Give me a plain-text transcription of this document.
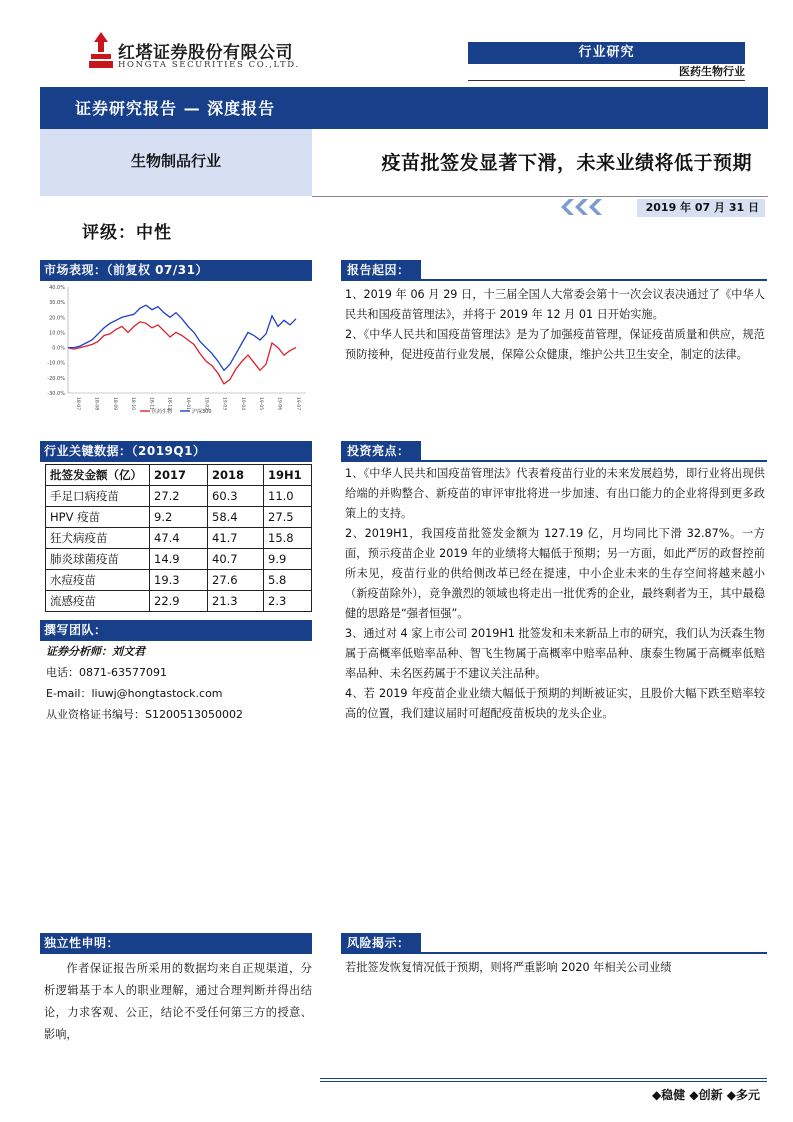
红塔证券股份有限公司
HONGTA SECURITIES CO.,LTD.
行业研究
医药生物行业
证券研究报告 — 深度报告
生物制品行业	疫苗批签发显著下滑，未来业绩将低于预期
2019 年 07 月 31 日
评级：中性
市场表现：（前复权 07/31）
40.0%
30.0%
20.0%
10.0%
0.0%
-10.0%
-20.0%
-30.0%
18-07	18-08	18-09	18-10	18-11	18-12	19-01	19-02	19-03	19-04	19-05	19-06	19-07
医药生物	沪深300
行业关键数据：（2019Q1）
批签发金额（亿）	2017	2018	19H1
手足口病疫苗	27.2	60.3	11.0
HPV 疫苗	9.2	58.4	27.5
狂犬病疫苗	47.4	41.7	15.8
肺炎球菌疫苗	14.9	40.7	9.9
水痘疫苗	19.3	27.6	5.8
流感疫苗	22.9	21.3	2.3
撰写团队：
证券分析师：刘文君
电话：0871-63577091
E-mail：liuwj@hongtastock.com
从业资格证书编号：S1200513050002
报告起因：

1、2019 年 06 月 29 日，十三届全国人大常委会第十一次会议表决通过了《中华人民共和国疫苗管理法》，并将于 2019 年 12 月 01 日开始实施。

2、《中华人民共和国疫苗管理法》是为了加强疫苗管理，保证疫苗质量和供应，规范预防接种，促进疫苗行业发展，保障公众健康，维护公共卫生安全，制定的法律。

投资亮点：

1、《中华人民共和国疫苗管理法》代表着疫苗行业的未来发展趋势，即行业将出现供给端的并购整合、新疫苗的审评审批将进一步加速、有出口能力的企业将得到更多政策上的支持。

2、2019H1，我国疫苗批签发金额为 127.19 亿，月均同比下滑 32.87%。一方面，预示疫苗企业 2019 年的业绩将大幅低于预期；另一方面，如此严厉的政督控前所未见，疫苗行业的供给侧改革已经在提速，中小企业未来的生存空间将越来越小（新疫苗除外），竞争激烈的领域也将走出一批优秀的企业，最终剩者为王，其中最稳健的思路是“强者恒强”。

3、通过对 4 家上市公司 2019H1 批签发和未来新品上市的研究，我们认为沃森生物属于高概率低赔率品种、智飞生物属于高概率中赔率品种、康泰生物属于高概率低赔率品种、未名医药属于不建议关注品种。

4、若 2019 年疫苗企业业绩大幅低于预期的判断被证实，且股价大幅下跌至赔率较高的位置，我们建议届时可超配疫苗板块的龙头企业。

独立性申明：
作者保证报告所采用的数据均来自正规渠道，分析逻辑基于本人的职业理解，通过合理判断并得出结论，力求客观、公正，结论不受任何第三方的授意、影响，
风险揭示：
若批签发恢复情况低于预期，则将严重影响 2020 年相关公司业绩
◆稳健 ◆创新 ◆多元
